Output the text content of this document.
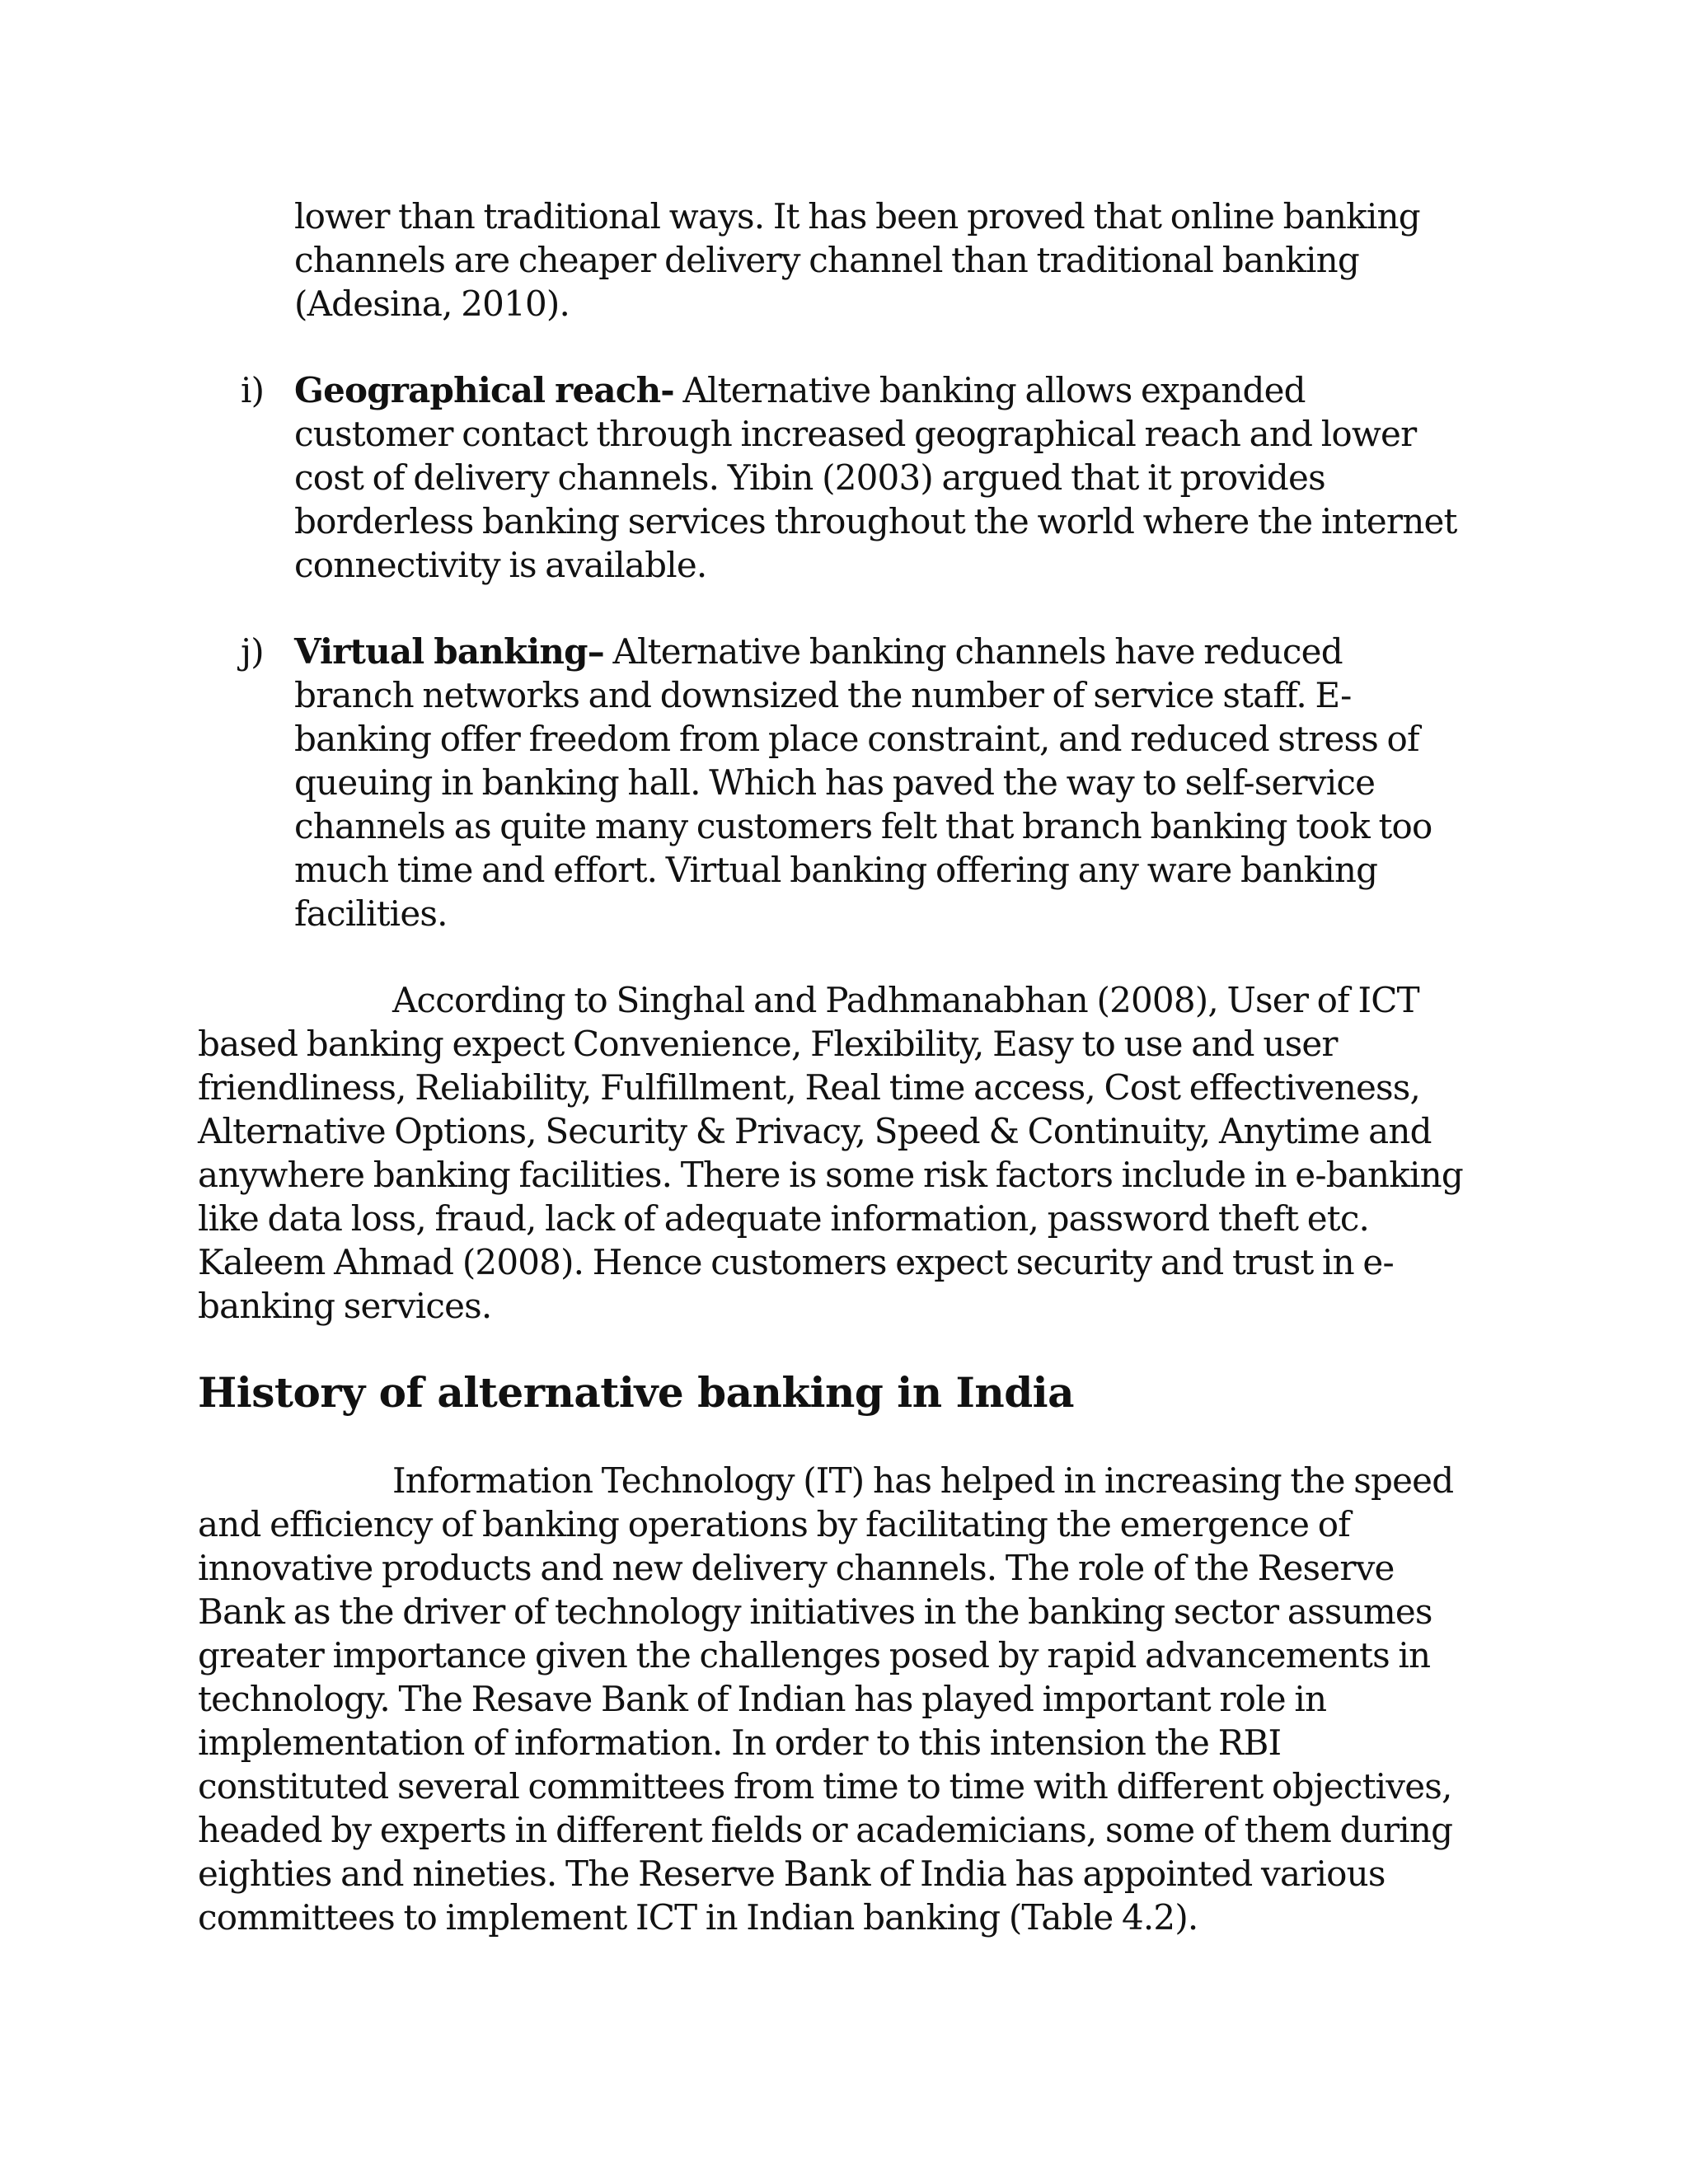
lower than traditional ways. It has been proved that online banking
channels are cheaper delivery channel than traditional banking
(Adesina, 2010).
i) Geographical reach- Alternative banking allows expanded
customer contact through increased geographical reach and lower
cost of delivery channels. Yibin (2003) argued that it provides
borderless banking services throughout the world where the internet
connectivity is available.
j) Virtual banking– Alternative banking channels have reduced
branch networks and downsized the number of service staff. E-
banking offer freedom from place constraint, and reduced stress of
queuing in banking hall. Which has paved the way to self-service
channels as quite many customers felt that branch banking took too
much time and effort. Virtual banking offering any ware banking
facilities.
According to Singhal and Padhmanabhan (2008), User of ICT
based banking expect Convenience, Flexibility, Easy to use and user
friendliness, Reliability, Fulfillment, Real time access, Cost effectiveness,
Alternative Options, Security & Privacy, Speed & Continuity, Anytime and
anywhere banking facilities. There is some risk factors include in e-banking
like data loss, fraud, lack of adequate information, password theft etc.
Kaleem Ahmad (2008). Hence customers expect security and trust in e-
banking services.
History of alternative banking in India
Information Technology (IT) has helped in increasing the speed
and efficiency of banking operations by facilitating the emergence of
innovative products and new delivery channels. The role of the Reserve
Bank as the driver of technology initiatives in the banking sector assumes
greater importance given the challenges posed by rapid advancements in
technology. The Resave Bank of Indian has played important role in
implementation of information. In order to this intension the RBI
constituted several committees from time to time with different objectives,
headed by experts in different fields or academicians, some of them during
eighties and nineties. The Reserve Bank of India has appointed various
committees to implement ICT in Indian banking (Table 4.2).
